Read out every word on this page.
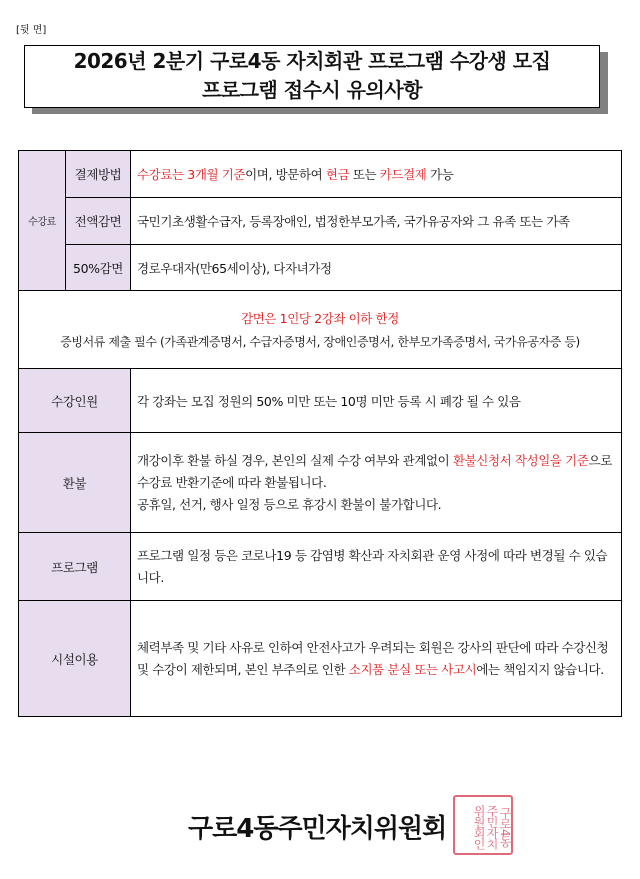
[뒷 면]
2026년 2분기 구로4동 자치회관 프로그램 수강생 모집
프로그램 접수시 유의사항
수강료	결제방법	수강료는 3개월 기준이며, 방문하여 현금 또는 카드결제 가능
	전액감면	국민기초생활수급자, 등록장애인, 법정한부모가족, 국가유공자와 그 유족 또는 가족
	50%감면	경로우대자(만65세이상), 다자녀가정

감면은 1인당 2강좌 이하 한정
증빙서류 제출 필수 (가족관계증명서, 수급자증명서, 장애인증명서, 한부모가족증명서, 국가유공자증 등)		

수강인원		각 강좌는 모집 정원의 50% 미만 또는 10명 미만 등록 시 폐강 될 수 있음
환불		개강이후 환불 하실 경우, 본인의 실제 수강 여부와 관계없이 환불신청서 작성일을 기준으로 수강료 반환기준에 따라 환불됩니다.
공휴일, 선거, 행사 일정 등으로 휴강시 환불이 불가합니다.
프로그램		프로그램 일정 등은 코로나19 등 감염병 확산과 자치회관 운영 사정에 따라 변경될 수 있습니다.
시설이용		체력부족 및 기타 사유로 인하여 안전사고가 우려되는 회원은 강사의 판단에 따라 수강신청 및 수강이 제한되며, 본인 부주의로 인한 소지품 분실 또는 사고시에는 책임지지 않습니다.
구로4동주민자치위원회	구로4동
주민자치
위원회인
